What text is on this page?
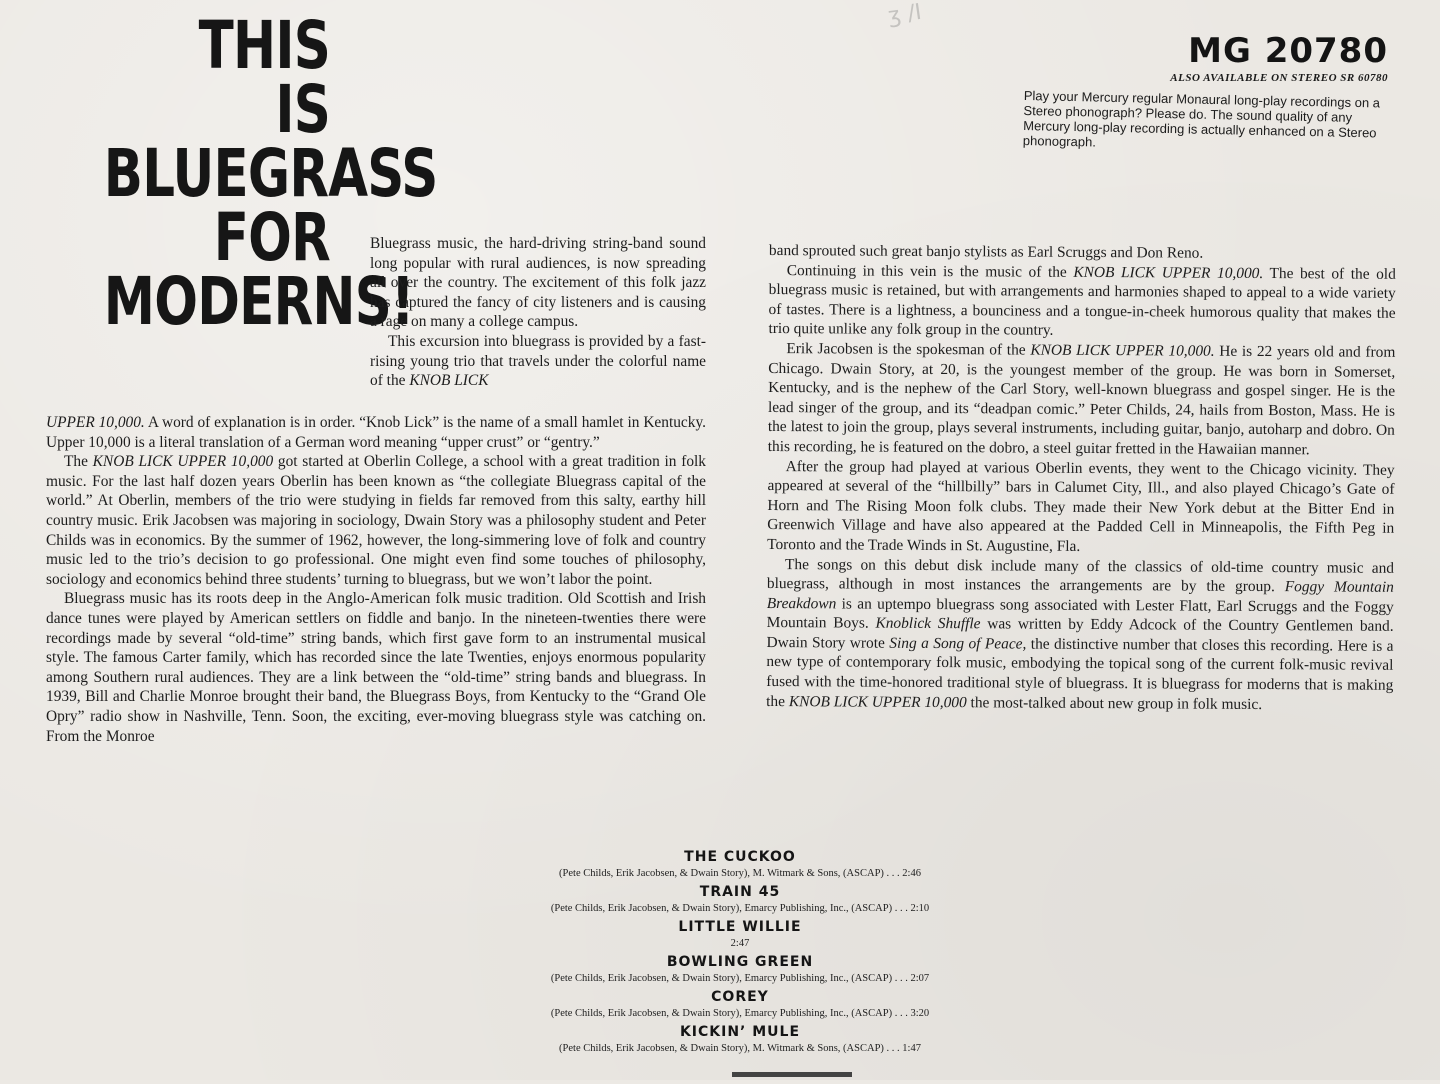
ʒ /I
THIS
IS
BLUEGRASS
FOR
MODERNS!
MG 20780
ALSO AVAILABLE ON STEREO SR 60780
Play your Mercury regular Monaural long-play recordings on a Stereo phonograph? Please do. The sound quality of any Mercury long-play recording is actually enhanced on a Stereo phonograph.

Bluegrass music, the hard-driving string-band sound long popular with rural audiences, is now spreading all over the country. The excitement of this folk jazz has captured the fancy of city listeners and is causing a rage on many a college campus.

This excursion into bluegrass is provided by a fast-rising young trio that travels under the colorful name of the KNOB LICK

UPPER 10,000. A word of explanation is in order. “Knob Lick” is the name of a small hamlet in Kentucky. Upper 10,000 is a literal translation of a German word meaning “upper crust” or “gentry.”

The KNOB LICK UPPER 10,000 got started at Oberlin College, a school with a great tradition in folk music. For the last half dozen years Oberlin has been known as “the collegiate Bluegrass capital of the world.” At Oberlin, members of the trio were studying in fields far removed from this salty, earthy hill country music. Erik Jacobsen was majoring in sociology, Dwain Story was a philosophy student and Peter Childs was in economics. By the summer of 1962, however, the long-simmering love of folk and country music led to the trio’s decision to go professional. One might even find some touches of philosophy, sociology and economics behind three students’ turning to bluegrass, but we won’t labor the point.

Bluegrass music has its roots deep in the Anglo-American folk music tradition. Old Scottish and Irish dance tunes were played by American settlers on fiddle and banjo. In the nineteen-twenties there were recordings made by several “old-time” string bands, which first gave form to an instrumental musical style. The famous Carter family, which has recorded since the late Twenties, enjoys enormous popularity among Southern rural audiences. They are a link between the “old-time” string bands and bluegrass. In 1939, Bill and Charlie Monroe brought their band, the Bluegrass Boys, from Kentucky to the “Grand Ole Opry” radio show in Nashville, Tenn. Soon, the exciting, ever-moving bluegrass style was catching on. From the Monroe

band sprouted such great banjo stylists as Earl Scruggs and Don Reno.

Continuing in this vein is the music of the KNOB LICK UPPER 10,000. The best of the old bluegrass music is retained, but with arrangements and harmonies shaped to appeal to a wide variety of tastes. There is a lightness, a bounciness and a tongue-in-cheek humorous quality that makes the trio quite unlike any folk group in the country.

Erik Jacobsen is the spokesman of the KNOB LICK UPPER 10,000. He is 22 years old and from Chicago. Dwain Story, at 20, is the youngest member of the group. He was born in Somerset, Kentucky, and is the nephew of the Carl Story, well-known bluegrass and gospel singer. He is the lead singer of the group, and its “deadpan comic.” Peter Childs, 24, hails from Boston, Mass. He is the latest to join the group, plays several instruments, including guitar, banjo, autoharp and dobro. On this recording, he is featured on the dobro, a steel guitar fretted in the Hawaiian manner.

After the group had played at various Oberlin events, they went to the Chicago vicinity. They appeared at several of the “hillbilly” bars in Calumet City, Ill., and also played Chicago’s Gate of Horn and The Rising Moon folk clubs. They made their New York debut at the Bitter End in Greenwich Village and have also appeared at the Padded Cell in Minneapolis, the Fifth Peg in Toronto and the Trade Winds in St. Augustine, Fla.

The songs on this debut disk include many of the classics of old-time country music and bluegrass, although in most instances the arrangements are by the group. Foggy Mountain Breakdown is an uptempo bluegrass song associated with Lester Flatt, Earl Scruggs and the Foggy Mountain Boys. Knoblick Shuffle was written by Eddy Adcock of the Country Gentlemen band. Dwain Story wrote Sing a Song of Peace, the distinctive number that closes this recording. Here is a new type of contemporary folk music, embodying the topical song of the current folk-music revival fused with the time-honored traditional style of bluegrass. It is bluegrass for moderns that is making the KNOB LICK UPPER 10,000 the most-talked about new group in folk music.

THE CUCKOO
(Pete Childs, Erik Jacobsen, & Dwain Story), M. Witmark & Sons, (ASCAP) . . . 2:46
TRAIN 45
(Pete Childs, Erik Jacobsen, & Dwain Story), Emarcy Publishing, Inc., (ASCAP) . . . 2:10
LITTLE WILLIE
2:47
BOWLING GREEN
(Pete Childs, Erik Jacobsen, & Dwain Story), Emarcy Publishing, Inc., (ASCAP) . . . 2:07
COREY
(Pete Childs, Erik Jacobsen, & Dwain Story), Emarcy Publishing, Inc., (ASCAP) . . . 3:20
KICKIN’ MULE
(Pete Childs, Erik Jacobsen, & Dwain Story), M. Witmark & Sons, (ASCAP) . . . 1:47
